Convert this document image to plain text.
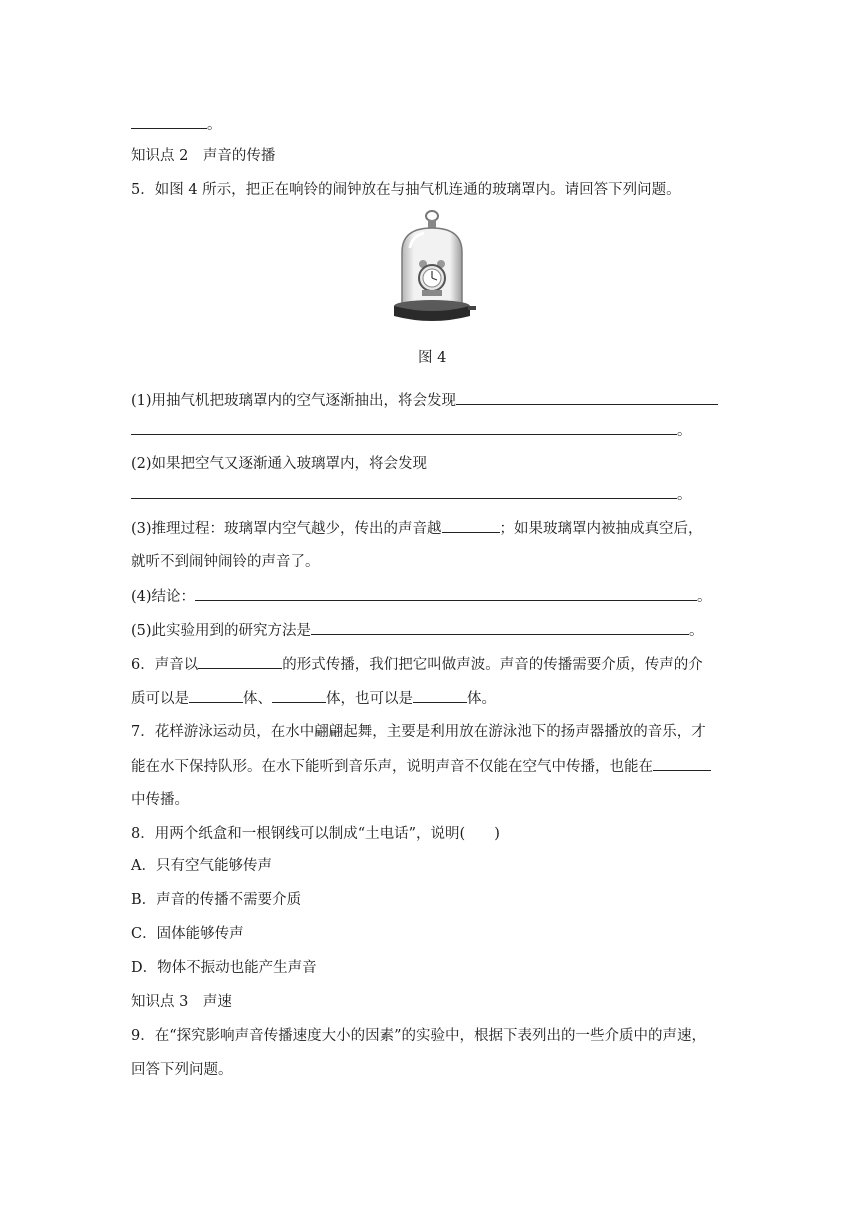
。
知识点 2　声音的传播
5．如图 4 所示，把正在响铃的闹钟放在与抽气机连通的玻璃罩内。请回答下列问题。
图 4
(1)用抽气机把玻璃罩内的空气逐渐抽出，将会发现
。
(2)如果把空气又逐渐通入玻璃罩内，将会发现
。
(3)推理过程：玻璃罩内空气越少，传出的声音越	；如果玻璃罩内被抽成真空后，
就听不到闹钟闹铃的声音了。
(4)结论：	。
(5)此实验用到的研究方法是	。
6．声音以	的形式传播，我们把它叫做声波。声音的传播需要介质，传声的介
质可以是	体、	体，也可以是	体。
7．花样游泳运动员，在水中翩翩起舞，主要是利用放在游泳池下的扬声器播放的音乐，才
能在水下保持队形。在水下能听到音乐声，说明声音不仅能在空气中传播，也能在
中传播。
8．用两个纸盒和一根钢线可以制成“土电话”，说明(　　)
A．只有空气能够传声
B．声音的传播不需要介质
C．固体能够传声
D．物体不振动也能产生声音
知识点 3　声速
9．在“探究影响声音传播速度大小的因素”的实验中，根据下表列出的一些介质中的声速，
回答下列问题。
